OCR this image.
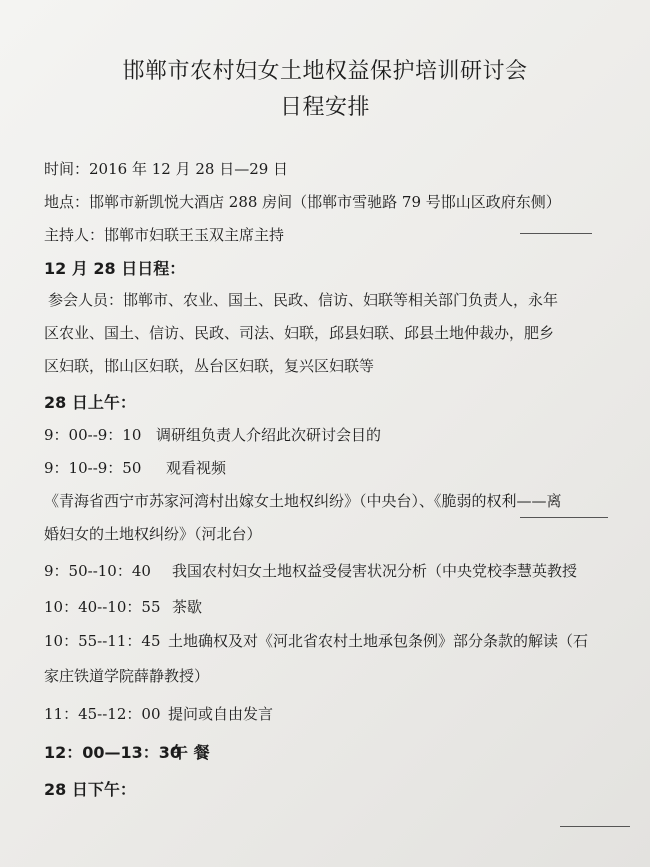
邯郸市农村妇女土地权益保护培训研讨会
日程安排
时间：2016 年 12 月 28 日—29 日
地点：邯郸市新凯悦大酒店 288 房间（邯郸市雪驰路 79 号邯山区政府东侧）
主持人：邯郸市妇联王玉双主席主持
12 月 28 日日程：
参会人员：邯郸市、农业、国土、民政、信访、妇联等相关部门负责人，永年
区农业、国土、信访、民政、司法、妇联，邱县妇联、邱县土地仲裁办，肥乡
区妇联，邯山区妇联，丛台区妇联，复兴区妇联等
28 日上午：
9：00--9：10 调研组负责人介绍此次研讨会目的
9：10--9：50 观看视频
《青海省西宁市苏家河湾村出嫁女土地权纠纷》（中央台）、《脆弱的权利——离
婚妇女的土地权纠纷》（河北台）
9：50--10：40 我国农村妇女土地权益受侵害状况分析（中央党校李慧英教授
10：40--10：55 茶歇
10：55--11：45 土地确权及对《河北省农村土地承包条例》部分条款的解读（石
家庄铁道学院薛静教授）
11：45--12：00 提问或自由发言
12：00—13：30午 餐
28 日下午：
